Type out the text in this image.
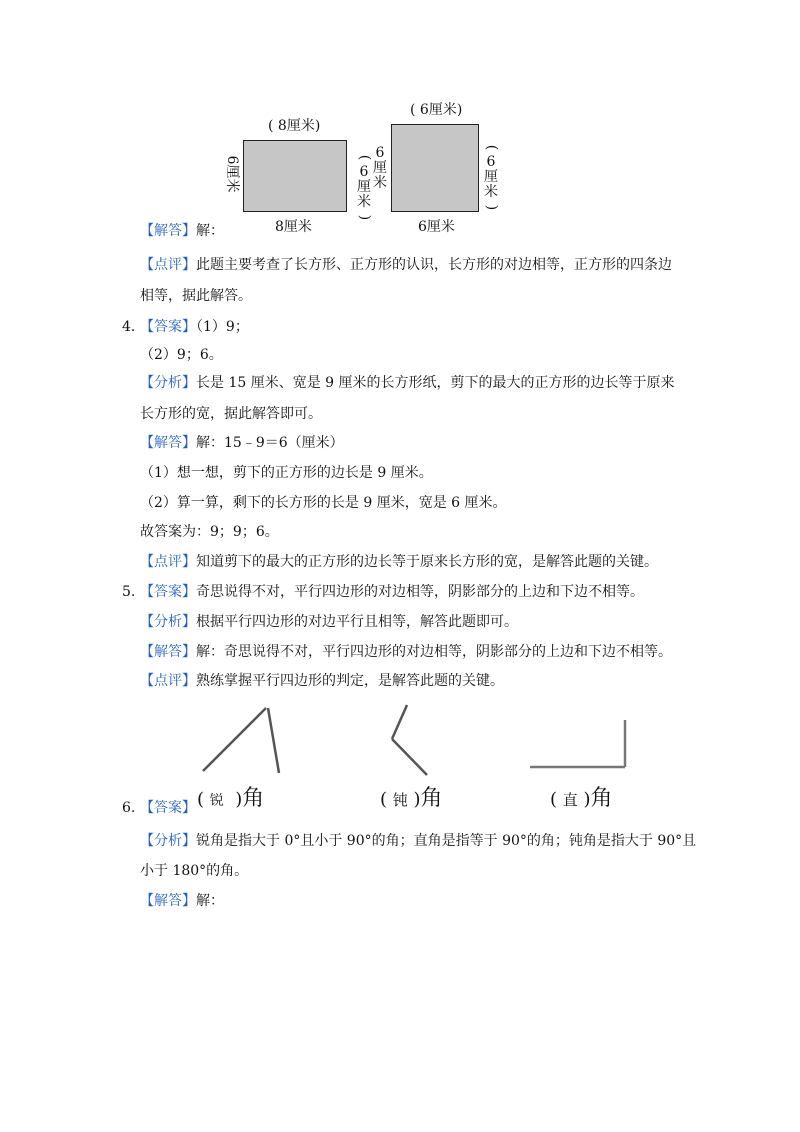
( 8厘米)
6厘米
8厘米
(
6
厘
米
)
( 6厘米)
6
厘
米
(
6
厘
米
)
6厘米
【解答】解：
【点评】此题主要考查了长方形、正方形的认识，长方形的对边相等，正方形的四条边
相等，据此解答。
4. 【答案】（1）9；
（2）9；6。
【分析】长是 15 厘米、宽是 9 厘米的长方形纸，剪下的最大的正方形的边长等于原来
长方形的宽，据此解答即可。
【解答】解：15﹣9＝6（厘米）
（1）想一想，剪下的正方形的边长是 9 厘米。
（2）算一算，剩下的长方形的长是 9 厘米，宽是 6 厘米。
故答案为：9；9；6。
【点评】知道剪下的最大的正方形的边长等于原来长方形的宽，是解答此题的关键。
5. 【答案】奇思说得不对，平行四边形的对边相等，阴影部分的上边和下边不相等。
【分析】根据平行四边形的对边平行且相等，解答此题即可。
【解答】解：奇思说得不对，平行四边形的对边相等，阴影部分的上边和下边不相等。
【点评】熟练掌握平行四边形的判定，是解答此题的关键。
6. 【答案】 ( 锐 )角	( 钝 )角	( 直 )角
【分析】锐角是指大于 0°且小于 90°的角；直角是指等于 90°的角；钝角是指大于 90°且
小于 180°的角。
【解答】解：
